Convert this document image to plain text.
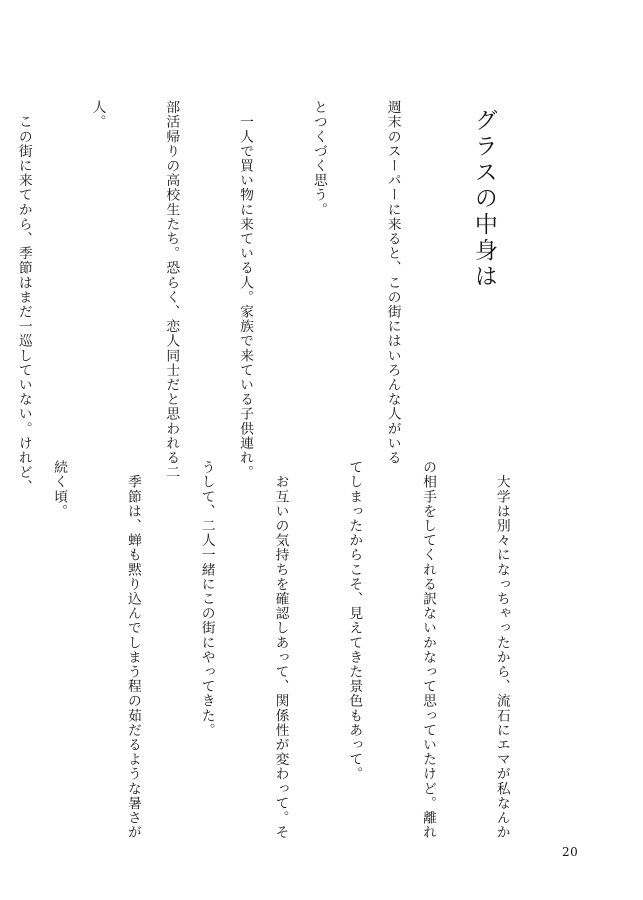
グラスの中身は

週末のスーパーに来ると、この街にはいろんな人がいる

とつくづく思う。

　一人で買い物に来ている人。家族で来ている子供連れ。

部活帰りの高校生たち。恐らく、恋人同士だと思われる二

人。

　この街に来てから、季節はまだ一巡していない。けれど、

　大学は別々になっちゃったから、流石にエマが私なんか

の相手をしてくれる訳ないかなって思っていたけど。離れ

てしまったからこそ、見えてきた景色もあって。

　お互いの気持ちを確認しあって、関係性が変わって。そ

うして、二人一緒にこの街にやってきた。

　季節は、蝉も黙り込んでしまう程の茹だるような暑さが

続く頃。

20
